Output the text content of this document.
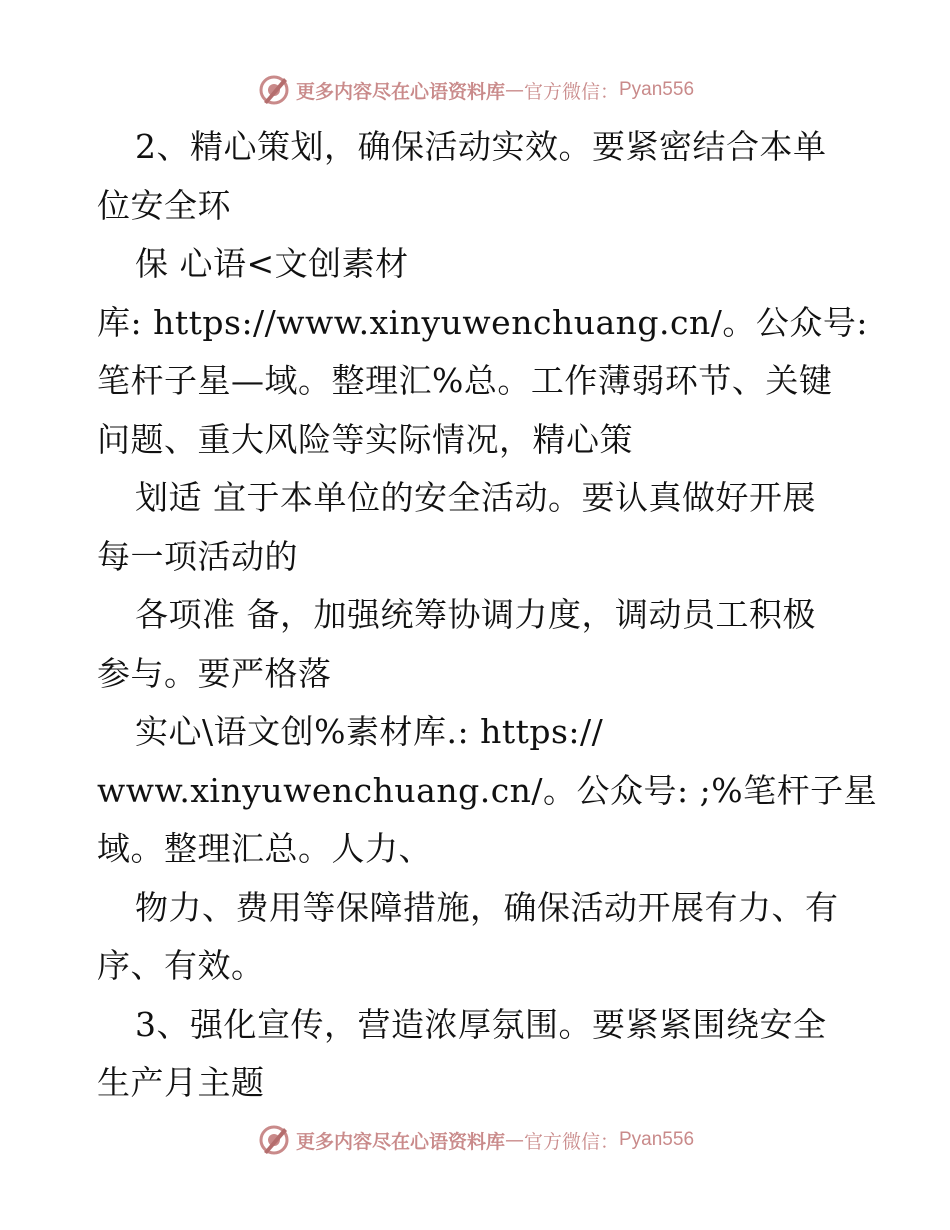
更多内容尽在心语资料库 — 官方微信： Pyan556
2、精心策划，确保活动实效。要紧密结合本单
位安全环
保 心语<文创素材
库: https://www.xinyuwenchuang.cn/。公众号:
笔杆子星—域。整理汇%总。工作薄弱环节、关键
问题、重大风险等实际情况，精心策
划适 宜于本单位的安全活动。要认真做好开展
每一项活动的
各项准 备，加强统筹协调力度，调动员工积极
参与。要严格落
实心\语文创%素材库.: https://
www.xinyuwenchuang.cn/。公众号: ;%笔杆子星
域。整理汇总。人力、
物力、费用等保障措施，确保活动开展有力、有
序、有效。
3、强化宣传，营造浓厚氛围。要紧紧围绕安全
生产月主题
更多内容尽在心语资料库 — 官方微信： Pyan556
